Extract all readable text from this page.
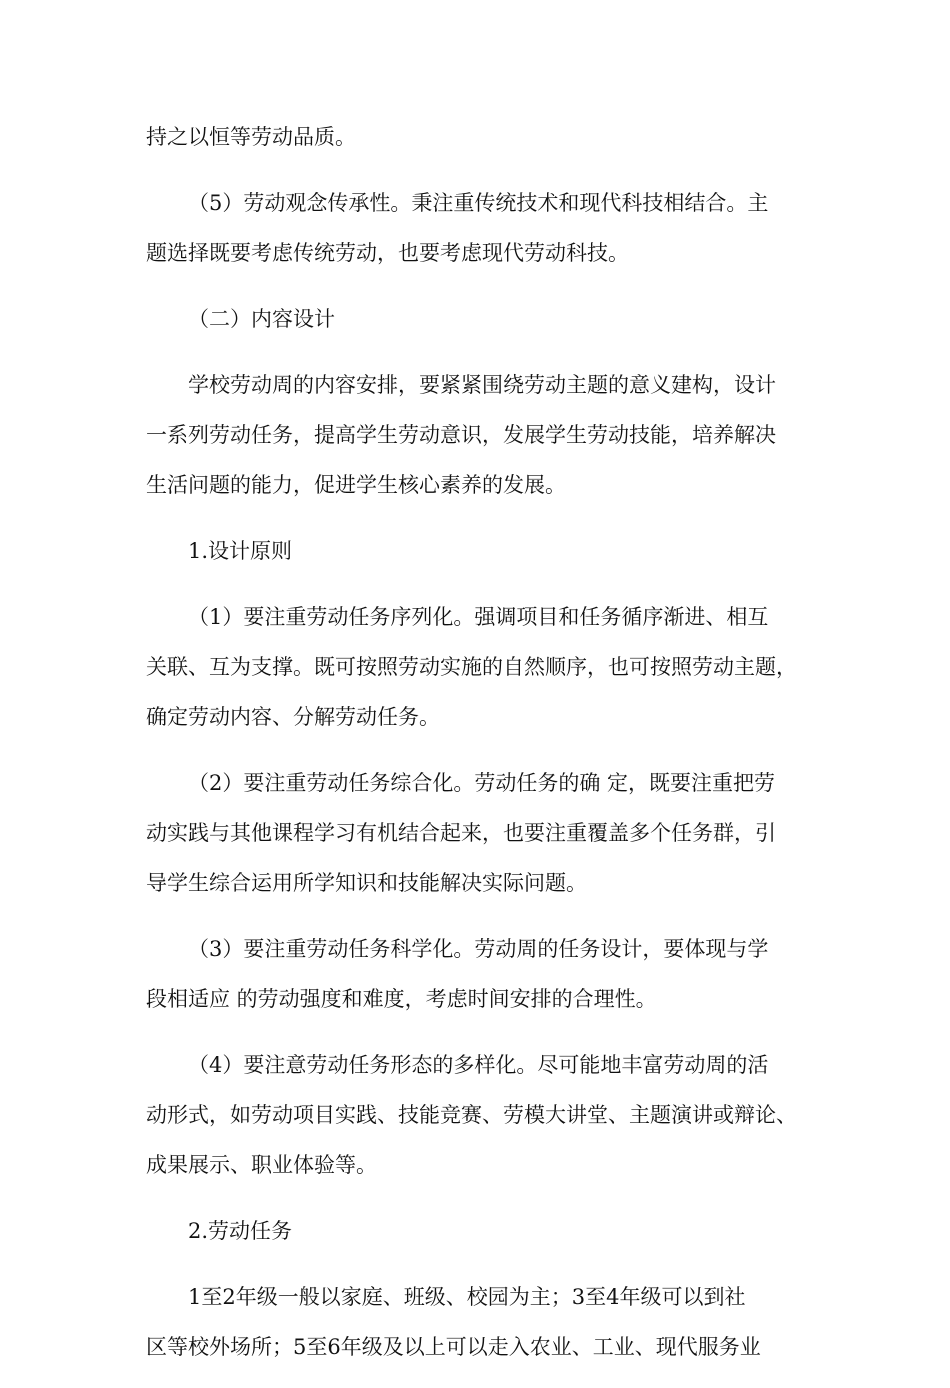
持之以恒等劳动品质。
（5）劳动观念传承性。秉注重传统技术和现代科技相结合。主
题选择既要考虑传统劳动，也要考虑现代劳动科技。
（二）内容设计
学校劳动周的内容安排，要紧紧围绕劳动主题的意义建构，设计
一系列劳动任务，提高学生劳动意识，发展学生劳动技能，培养解决
生活问题的能力，促进学生核心素养的发展。
1.设计原则
（1）要注重劳动任务序列化。强调项目和任务循序渐进、相互
关联、互为支撑。既可按照劳动实施的自然顺序，也可按照劳动主题，
确定劳动内容、分解劳动任务。
（2）要注重劳动任务综合化。劳动任务的确 定，既要注重把劳
动实践与其他课程学习有机结合起来，也要注重覆盖多个任务群，引
导学生综合运用所学知识和技能解决实际问题。
（3）要注重劳动任务科学化。劳动周的任务设计，要体现与学
段相适应 的劳动强度和难度，考虑时间安排的合理性。
（4）要注意劳动任务形态的多样化。尽可能地丰富劳动周的活
动形式，如劳动项目实践、技能竞赛、劳模大讲堂、主题演讲或辩论、
成果展示、职业体验等。
2.劳动任务
1至2年级一般以家庭、班级、校园为主；3至4年级可以到社
区等校外场所；5至6年级及以上可以走入农业、工业、现代服务业
